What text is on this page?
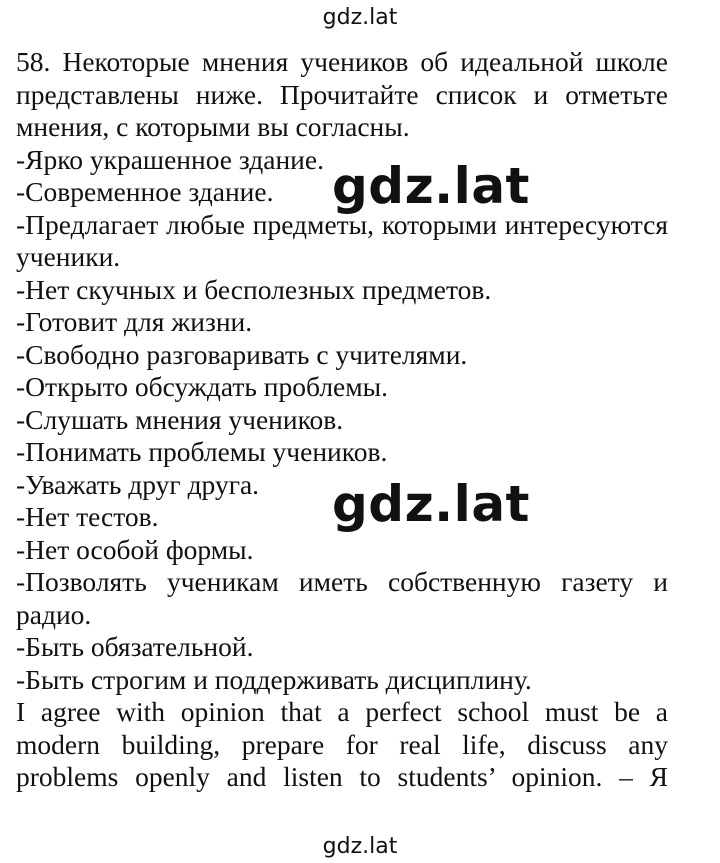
gdz.lat

58. Некоторые мнения учеников об идеальной школе представлены ниже. Прочитайте список и отметьте мнения, с которыми вы согласны.

-Ярко украшенное здание.

-Современное здание.

-Предлагает любые предметы, которыми интересуются ученики.

-Нет скучных и бесполезных предметов.

-Готовит для жизни.

-Свободно разговаривать с учителями.

-Открыто обсуждать проблемы.

-Слушать мнения учеников.

-Понимать проблемы учеников.

-Уважать друг друга.

-Нет тестов.

-Нет особой формы.

-Позволять ученикам иметь собственную газету и радио.

-Быть обязательной.

-Быть строгим и поддерживать дисциплину.

I agree with opinion that a perfect school must be a modern building, prepare for real life, discuss any problems openly and listen to students’ opinion. – Я

gdz.lat
gdz.lat
gdz.lat
